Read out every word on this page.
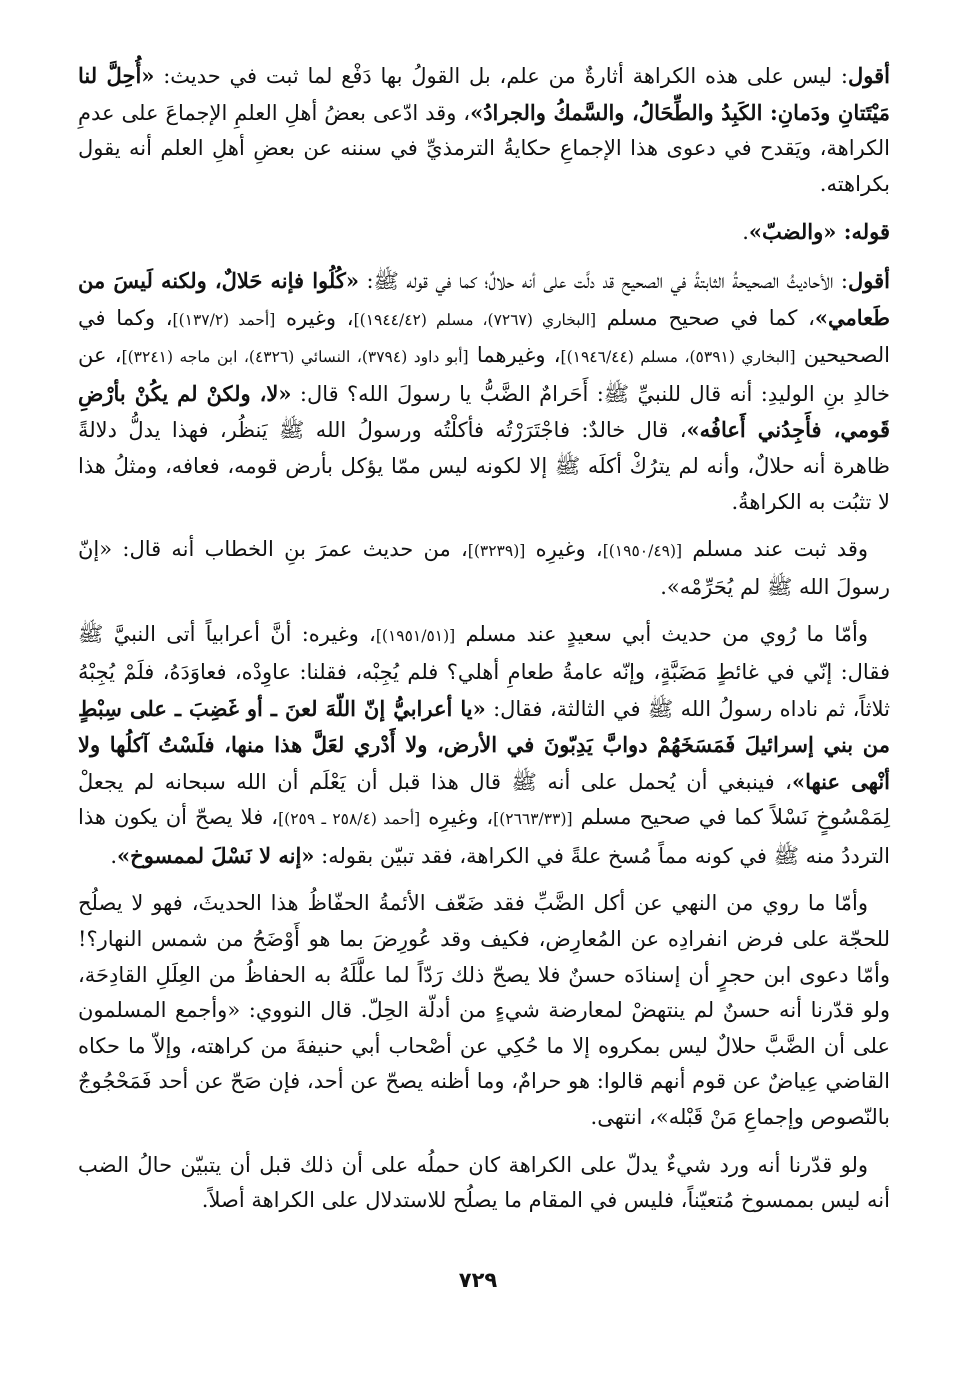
أقول: ليس على هذه الكراهة أثارةٌ من علم، بل القولُ بها دَفْع لما ثبت في حديث: «أُحِلَّ لنا مَيْتَتانِ ودَمانِ: الكَبِدُ والطِّحَالُ، والسَّمكُ والجرادُ»، وقد ادّعى بعضُ أهلِ العلمِ الإجماعَ على عدمِ الكراهة، ويَقدح في دعوى هذا الإجماعِ حكايةُ الترمذيِّ في سننه عن بعضِ أهلِ العلم أنه يقول بكراهته.

قوله: «والضبّ».

أقول: الأحاديثُ الصحيحةُ الثابتةُ في الصحيح قد دلَّت على أنه حلالٌ؛ كما في قوله ﷺ: «كُلُوا فإنه حَلالٌ، ولكنه لَيسَ من طَعامي»، كما في صحيح مسلم [البخاري (٧٢٦٧)، مسلم (١٩٤٤/٤٢)]، وغيره [أحمد (١٣٧/٢)]، وكما في الصحيحين [البخاري (٥٣٩١)، مسلم (١٩٤٦/٤٤)]، وغيرهما [أبو داود (٣٧٩٤)، النسائي (٤٣٢٦)، ابن ماجه (٣٢٤١)]، عن خالدِ بنِ الوليدِ: أنه قال للنبيِّ ﷺ: أَحَرامٌ الضَّبُّ يا رسولَ الله؟ قال: «لا، ولكنْ لم يكُنْ بأرْضِ قَومي، فأَجِدُني أَعافُه»، قال خالدٌ: فاجْتَرَرْتُه فأكلْتُه ورسولُ الله ﷺ يَنظُر، فهذا يدلُّ دلالةً ظاهرة أنه حلالٌ، وأنه لم يترُكْ أكلَه ﷺ إلا لكونه ليس ممّا يؤكل بأرض قومه، فعافه، ومثلُ هذا لا تثبُت به الكراهةُ.

وقد ثبت عند مسلم [(١٩٥٠/٤٩)]، وغيرِه [(٣٢٣٩)]، من حديث عمرَ بنِ الخطاب أنه قال: «إنّ رسولَ الله ﷺ لم يُحَرِّمْه».

وأمّا ما رُوي من حديث أبي سعيدٍ عند مسلم [(١٩٥١/٥١)]، وغيره: أنَّ أعرابياً أتى النبيَّ ﷺ فقال: إنّي في غائطٍ مَضَبَّةٍ، وإنّه عامةُ طعامِ أهلي؟ فلم يُجِبْه، فقلنا: عاوِدْه، فعاوَدَهُ، فلَمْ يُجِبْهُ ثلاثاً، ثم ناداه رسولُ الله ﷺ في الثالثة، فقال: «يا أعرابيُّ إنّ اللّهَ لعنَ ـ أو غَضِبَ ـ على سِبْطٍ من بني إسرائيلَ فَمَسَخَهُمْ دوابَّ يَدِبّونَ في الأرض، ولا أَدْري لعَلَّ هذا منها، فلَسْتُ آكلُها ولا أنْهى عنها»، فينبغي أن يُحمل على أنه ﷺ قال هذا قبل أن يَعْلَم أن الله سبحانه لم يجعلْ لِمَمْسُوخٍ نَسْلاً كما في صحيح مسلم [(٢٦٦٣/٣٣)]، وغيرِه [أحمد (٢٥٨/٤ ـ ٢٥٩)]، فلا يصحّ أن يكون هذا الترددُ منه ﷺ في كونه مماً مُسخ علةً في الكراهة، فقد تبيّن بقوله: «إنه لا نَسْلَ لممسوخ».

وأمّا ما روي من النهي عن أكل الضَّبِّ فقد ضَعّف الأئمةُ الحفّاظُ هذا الحديثَ، فهو لا يصلُح للحجّة على فرض انفرادِه عن المُعارِض، فكيف وقد عُورِضَ بما هو أَوْضَحُ من شمس النهار؟! وأمّا دعوى ابن حجرٍ أن إسنادَه حسنٌ فلا يصحّ ذلك رَدّاً لما علَّلَهُ به الحفاظُ من العِلَلِ القادِحَة، ولو قدّرنا أنه حسنٌ لم ينتهضْ لمعارضة شيءٍ من أدلّة الحِلّ. قال النووي: «وأجمع المسلمون على أن الضَّبَّ حلالٌ ليس بمكروه إلا ما حُكِي عن أصْحاب أبي حنيفةَ من كراهته، وإلاّ ما حكاه القاضي عِياضٌ عن قوم أنهم قالوا: هو حرامٌ، وما أظنه يصحّ عن أحد، فإن صَحّ عن أحد فَمَحْجُوجٌ بالنّصوص وإجماعِ مَنْ قَبْله»، انتهى.

ولو قدّرنا أنه ورد شيءٌ يدلّ على الكراهة كان حملُه على أن ذلك قبل أن يتبيّن حالُ الضب أنه ليس بممسوخ مُتعيّناً، فليس في المقام ما يصلُح للاستدلال على الكراهة أصلاً.

٧٢٩
